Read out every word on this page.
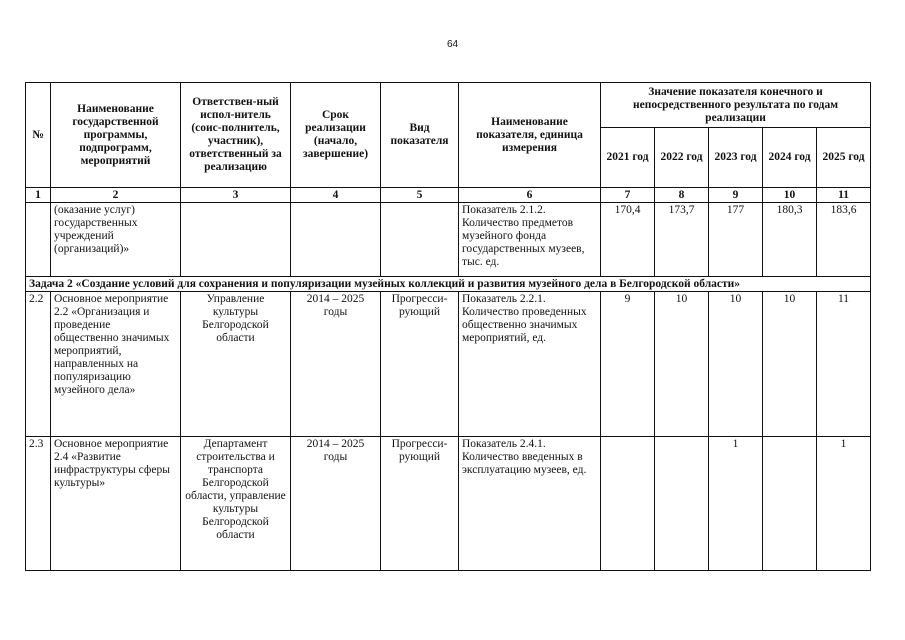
64
№	Наименование государственной программы, подпрограмм, мероприятий	Ответствен-ный испол-нитель (соис-полнитель, участник), ответственный за реализацию	Срок реализации (начало, завершение)	Вид показателя	Наименование показателя, единица измерения	Значение показателя конечного и непосредственного результата по годам реализации				
						2021 год	2022 год	2023 год	2024 год	2025 год
1	2	3	4	5	6	7	8	9	10	11
	(оказание услуг) государственных учреждений (организаций)»				Показатель 2.1.2. Количество предметов музейного фонда государственных музеев, тыс. ед.	170,4	173,7	177	180,3	183,6
Задача 2 «Создание условий для сохранения и популяризации музейных коллекций и развития музейного дела в Белгородской области»										
2.2	Основное мероприятие 2.2 «Организация и проведение общественно значимых мероприятий, направленных на популяризацию музейного дела»	Управление культуры Белгородской области	2014 – 2025 годы	Прогресси-рующий	Показатель 2.2.1. Количество проведенных общественно значимых мероприятий, ед.	9	10	10	10	11
2.3	Основное мероприятие 2.4 «Развитие инфраструктуры сферы культуры»	Департамент строительства и транспорта Белгородской области, управление культуры Белгородской области	2014 – 2025 годы	Прогресси-рующий	Показатель 2.4.1. Количество введенных в эксплуатацию музеев, ед.			1		1
